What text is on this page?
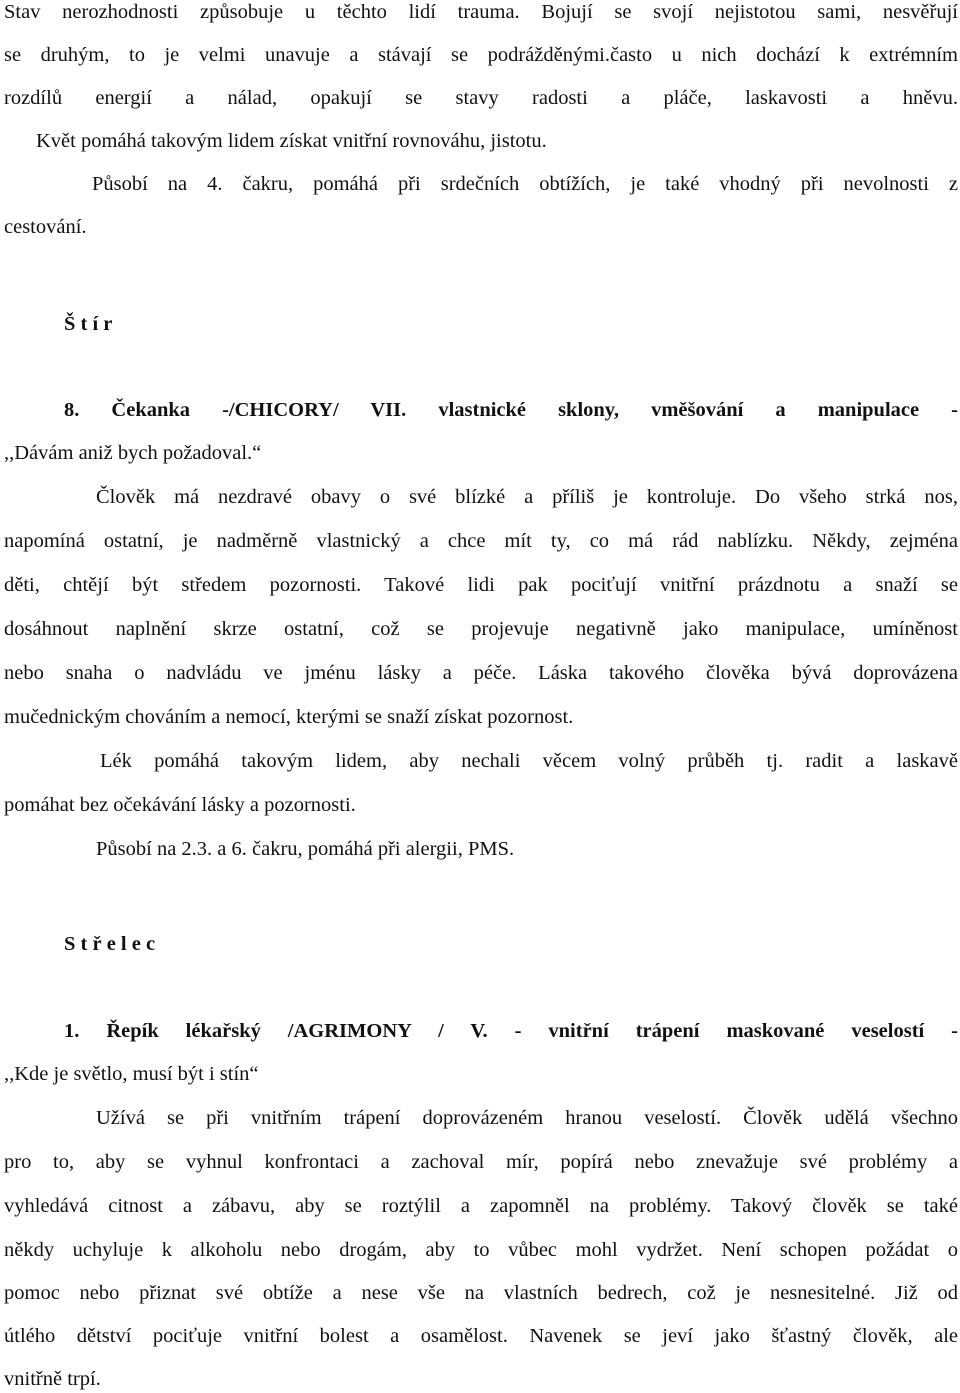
Stav nerozhodnosti způsobuje u těchto lidí trauma. Bojují se svojí nejistotou sami, nesvěřují
se druhým, to je velmi unavuje a stávají se podrážděnými.často u nich dochází k extrémním
rozdílů energií a nálad, opakují se stavy radosti a pláče, laskavosti a hněvu.
Květ pomáhá takovým lidem získat vnitřní rovnováhu, jistotu.
Působí na 4. čakru, pomáhá při srdečních obtížích, je také vhodný při nevolnosti z
cestování.
Š t í r
8. Čekanka -/CHICORY/ VII. vlastnické sklony, vměšování a manipulace -
,,Dávám aniž bych požadoval.“
Člověk má nezdravé obavy o své blízké a příliš je kontroluje. Do všeho strká nos,
napomíná ostatní, je nadměrně vlastnický a chce mít ty, co má rád nablízku. Někdy, zejména
děti, chtějí být středem pozornosti. Takové lidi pak pociťují vnitřní prázdnotu a snaží se
dosáhnout naplnění skrze ostatní, což se projevuje negativně jako manipulace, umíněnost
nebo snaha o nadvládu ve jménu lásky a péče. Láska takového člověka bývá doprovázena
mučednickým chováním a nemocí, kterými se snaží získat pozornost.
Lék pomáhá takovým lidem, aby nechali věcem volný průběh tj. radit a laskavě
pomáhat bez očekávání lásky a pozornosti.
Působí na 2.3. a 6. čakru, pomáhá při alergii, PMS.
S t ř e l e c
1. Řepík lékařský /AGRIMONY / V. - vnitřní trápení maskované veselostí -
,,Kde je světlo, musí být i stín“
Užívá se při vnitřním trápení doprovázeném hranou veselostí. Člověk udělá všechno
pro to, aby se vyhnul konfrontaci a zachoval mír, popírá nebo znevažuje své problémy a
vyhledává citnost a zábavu, aby se roztýlil a zapomněl na problémy. Takový člověk se také
někdy uchyluje k alkoholu nebo drogám, aby to vůbec mohl vydržet. Není schopen požádat o
pomoc nebo přiznat své obtíže a nese vše na vlastních bedrech, což je nesnesitelné. Již od
útlého dětství pociťuje vnitřní bolest a osamělost. Navenek se jeví jako šťastný člověk, ale
vnitřně trpí.
